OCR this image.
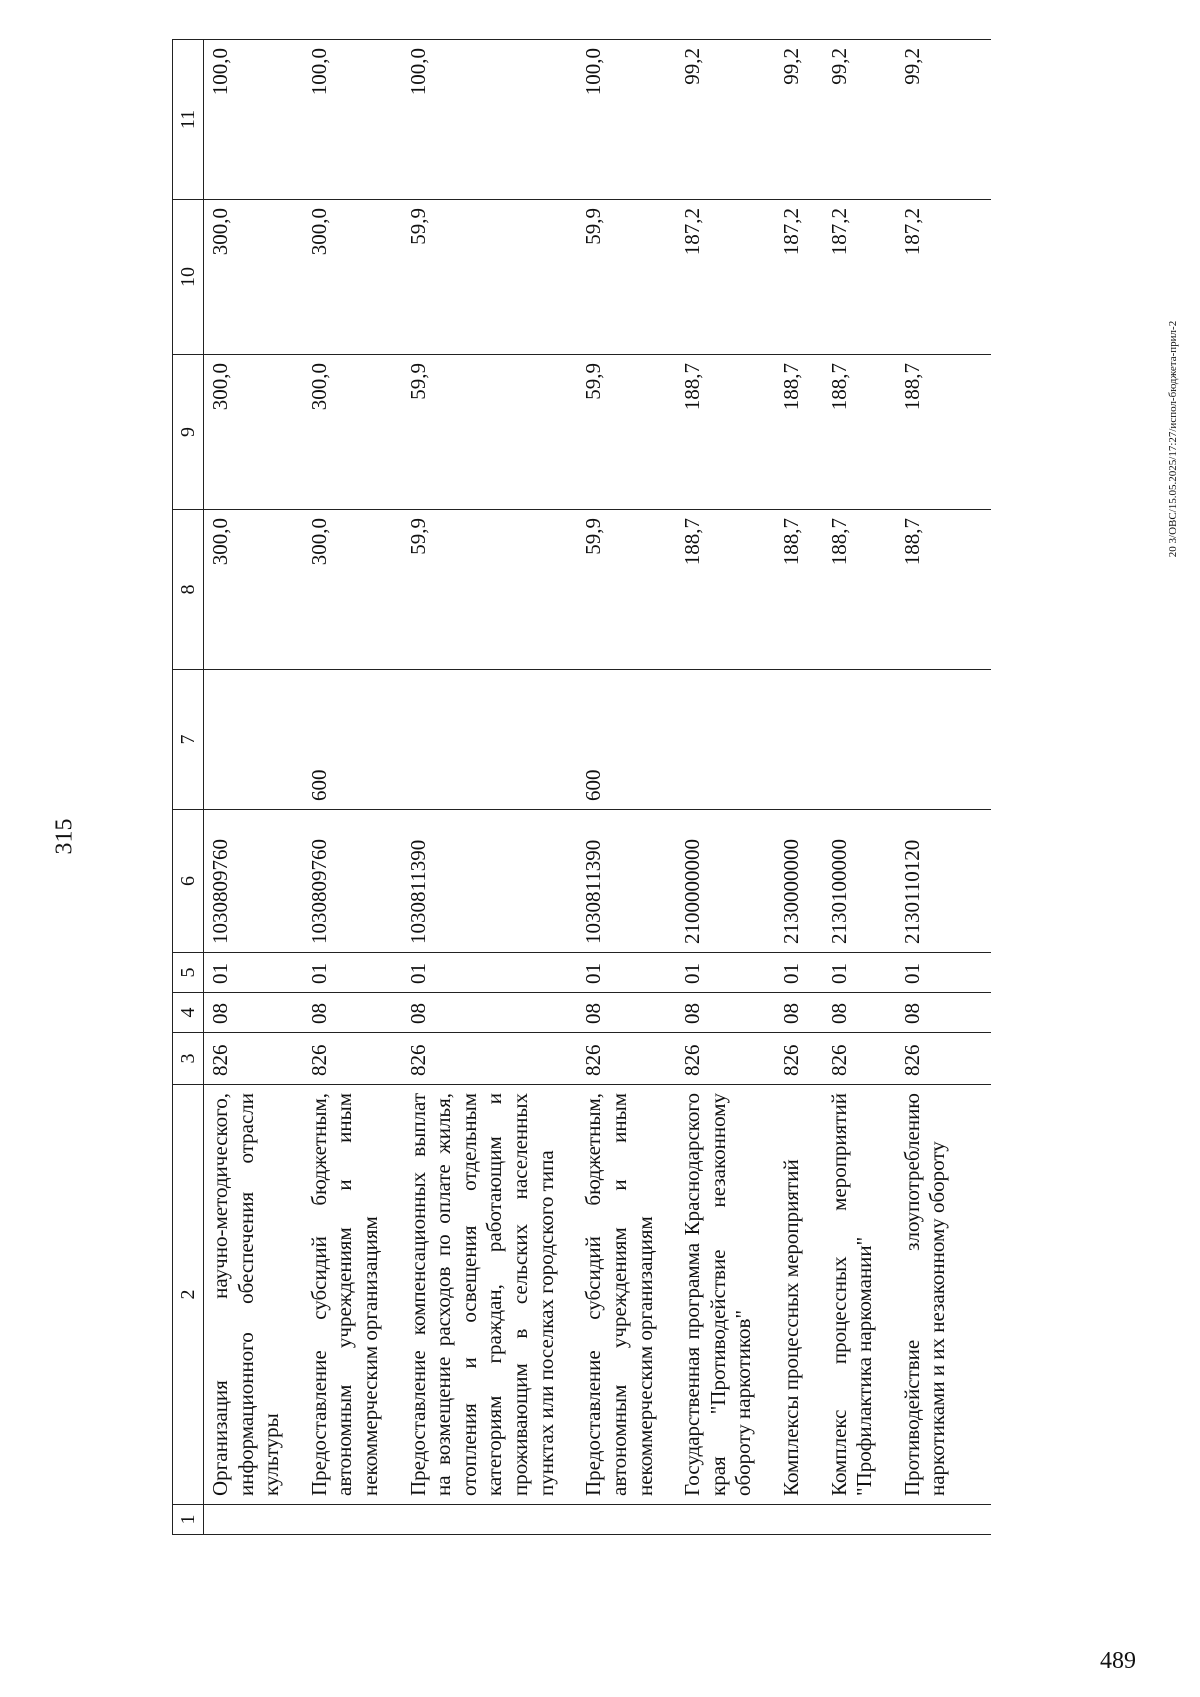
315
1	2	3	4	5	6	7	8	9	10	11
	Организация научно-методического, информационного обеспечения отрасли культуры	826	08	01	1030809760		300,0	300,0	300,0	100,0
	Предоставление субсидий бюджетным, автономным учреждениям и иным некоммерческим организациям	826	08	01	1030809760	600	300,0	300,0	300,0	100,0
	Предоставление компенсационных выплат на возмещение расходов по оплате жилья, отопления и освещения отдельным категориям граждан, работающим и проживающим в сельских населенных пунктах или поселках городского типа	826	08	01	1030811390		59,9	59,9	59,9	100,0
	Предоставление субсидий бюджетным, автономным учреждениям и иным некоммерческим организациям	826	08	01	1030811390	600	59,9	59,9	59,9	100,0
	Государственная программа Краснодарского края "Противодействие незаконному обороту наркотиков"	826	08	01	2100000000		188,7	188,7	187,2	99,2
	Комплексы процессных мероприятий	826	08	01	2130000000		188,7	188,7	187,2	99,2
	Комплекс процессных мероприятий "Профилактика наркомании"	826	08	01	2130100000		188,7	188,7	187,2	99,2
	Противодействие злоупотреблению наркотиками и их незаконному обороту	826	08	01	2130110120		188,7	188,7	187,2	99,2
20 3/ОВС/15.05.2025/17:27/испол-бюджета-прил-2
489
